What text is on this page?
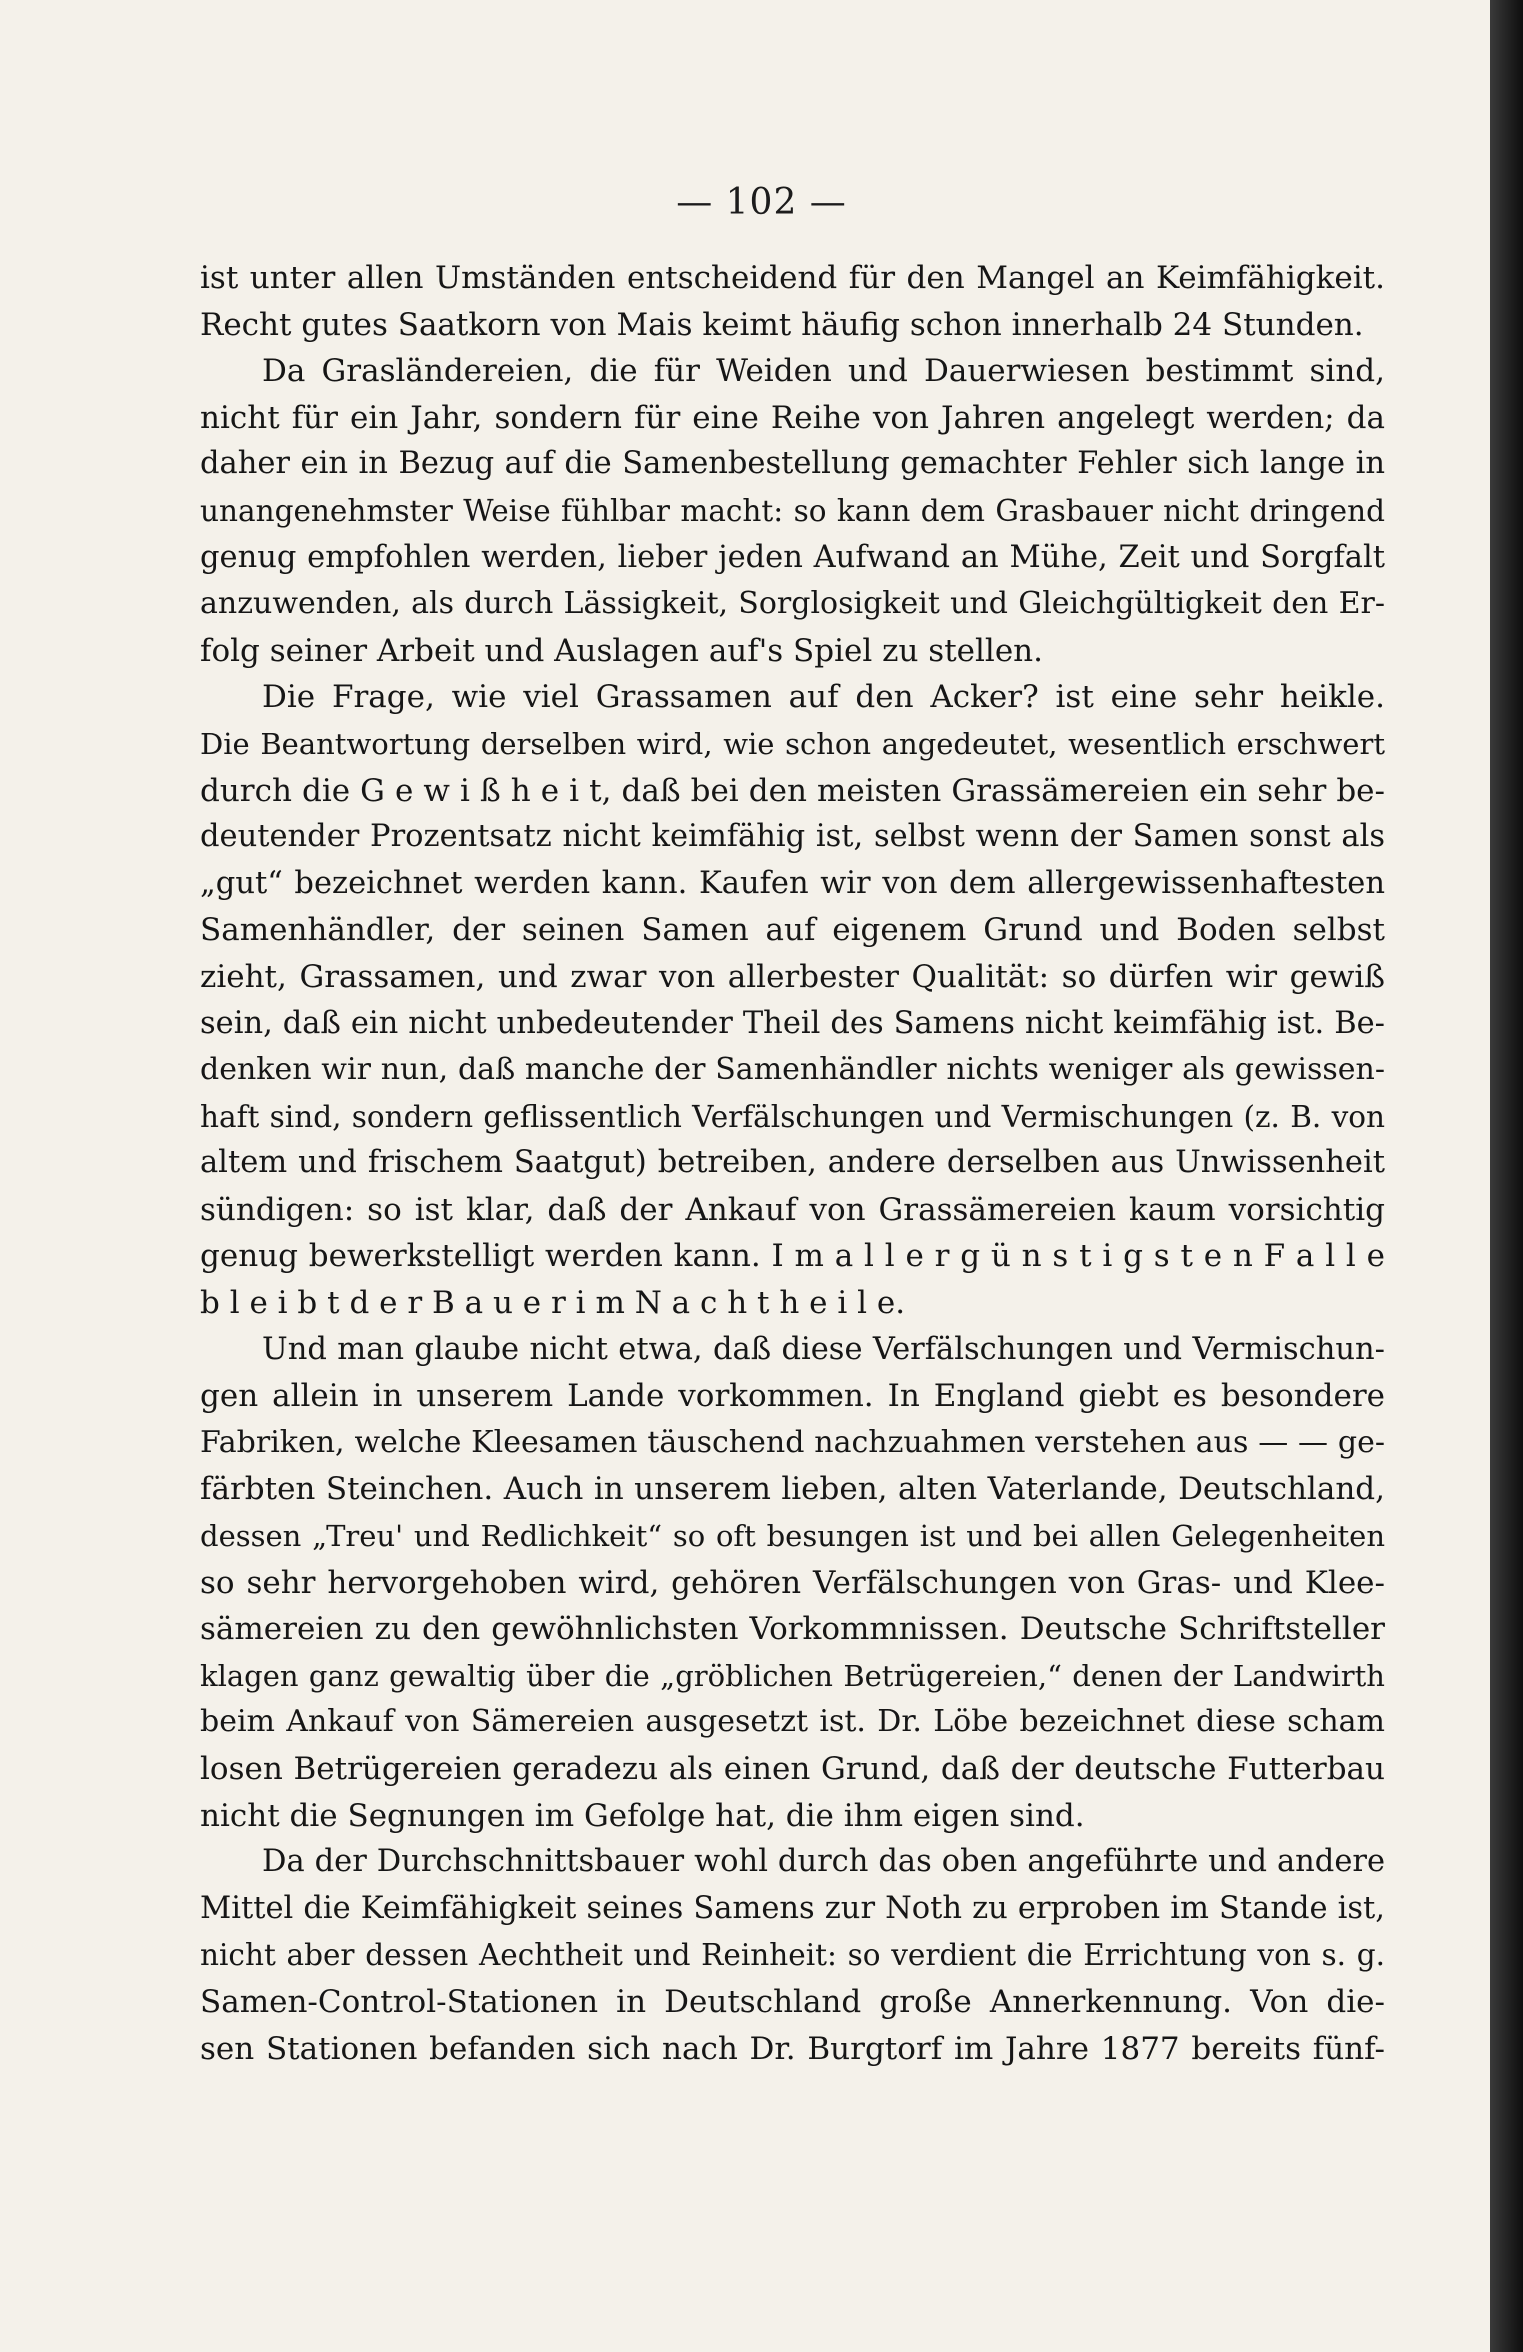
— 102 —
ist unter allen Umständen entscheidend für den Mangel an Keimfähigkeit.
Recht gutes Saatkorn von Mais keimt häufig schon innerhalb 24 Stunden.
Da Grasländereien, die für Weiden und Dauerwiesen bestimmt sind,
nicht für ein Jahr, sondern für eine Reihe von Jahren angelegt werden; da
daher ein in Bezug auf die Samenbestellung gemachter Fehler sich lange in
unangenehmster Weise fühlbar macht: so kann dem Grasbauer nicht dringend
genug empfohlen werden, lieber jeden Aufwand an Mühe, Zeit und Sorgfalt
anzuwenden, als durch Lässigkeit, Sorglosigkeit und Gleichgültigkeit den Er-
folg seiner Arbeit und Auslagen auf's Spiel zu stellen.
Die Frage, wie viel Grassamen auf den Acker? ist eine sehr heikle.
Die Beantwortung derselben wird, wie schon angedeutet, wesentlich erschwert
durch die G e w i ß h e i t, daß bei den meisten Grassämereien ein sehr be-
deutender Prozentsatz nicht keimfähig ist, selbst wenn der Samen sonst als
„gut“ bezeichnet werden kann. Kaufen wir von dem allergewissenhaftesten
Samenhändler, der seinen Samen auf eigenem Grund und Boden selbst
zieht, Grassamen, und zwar von allerbester Qualität: so dürfen wir gewiß
sein, daß ein nicht unbedeutender Theil des Samens nicht keimfähig ist. Be-
denken wir nun, daß manche der Samenhändler nichts weniger als gewissen-
haft sind, sondern geflissentlich Verfälschungen und Vermischungen (z. B. von
altem und frischem Saatgut) betreiben, andere derselben aus Unwissenheit
sündigen: so ist klar, daß der Ankauf von Grassämereien kaum vorsichtig
genug bewerkstelligt werden kann. I m a l l e r g ü n s t i g s t e n F a l l e
b l e i b t d e r B a u e r i m N a c h t h e i l e.
Und man glaube nicht etwa, daß diese Verfälschungen und Vermischun-
gen allein in unserem Lande vorkommen. In England giebt es besondere
Fabriken, welche Kleesamen täuschend nachzuahmen verstehen aus — — ge-
färbten Steinchen. Auch in unserem lieben, alten Vaterlande, Deutschland,
dessen „Treu' und Redlichkeit“ so oft besungen ist und bei allen Gelegenheiten
so sehr hervorgehoben wird, gehören Verfälschungen von Gras- und Klee-
sämereien zu den gewöhnlichsten Vorkommnissen. Deutsche Schriftsteller
klagen ganz gewaltig über die „gröblichen Betrügereien,“ denen der Landwirth
beim Ankauf von Sämereien ausgesetzt ist. Dr. Löbe bezeichnet diese scham
losen Betrügereien geradezu als einen Grund, daß der deutsche Futterbau
nicht die Segnungen im Gefolge hat, die ihm eigen sind.
Da der Durchschnittsbauer wohl durch das oben angeführte und andere
Mittel die Keimfähigkeit seines Samens zur Noth zu erproben im Stande ist,
nicht aber dessen Aechtheit und Reinheit: so verdient die Errichtung von s. g.
Samen-Control-Stationen in Deutschland große Annerkennung. Von die-
sen Stationen befanden sich nach Dr. Burgtorf im Jahre 1877 bereits fünf-
